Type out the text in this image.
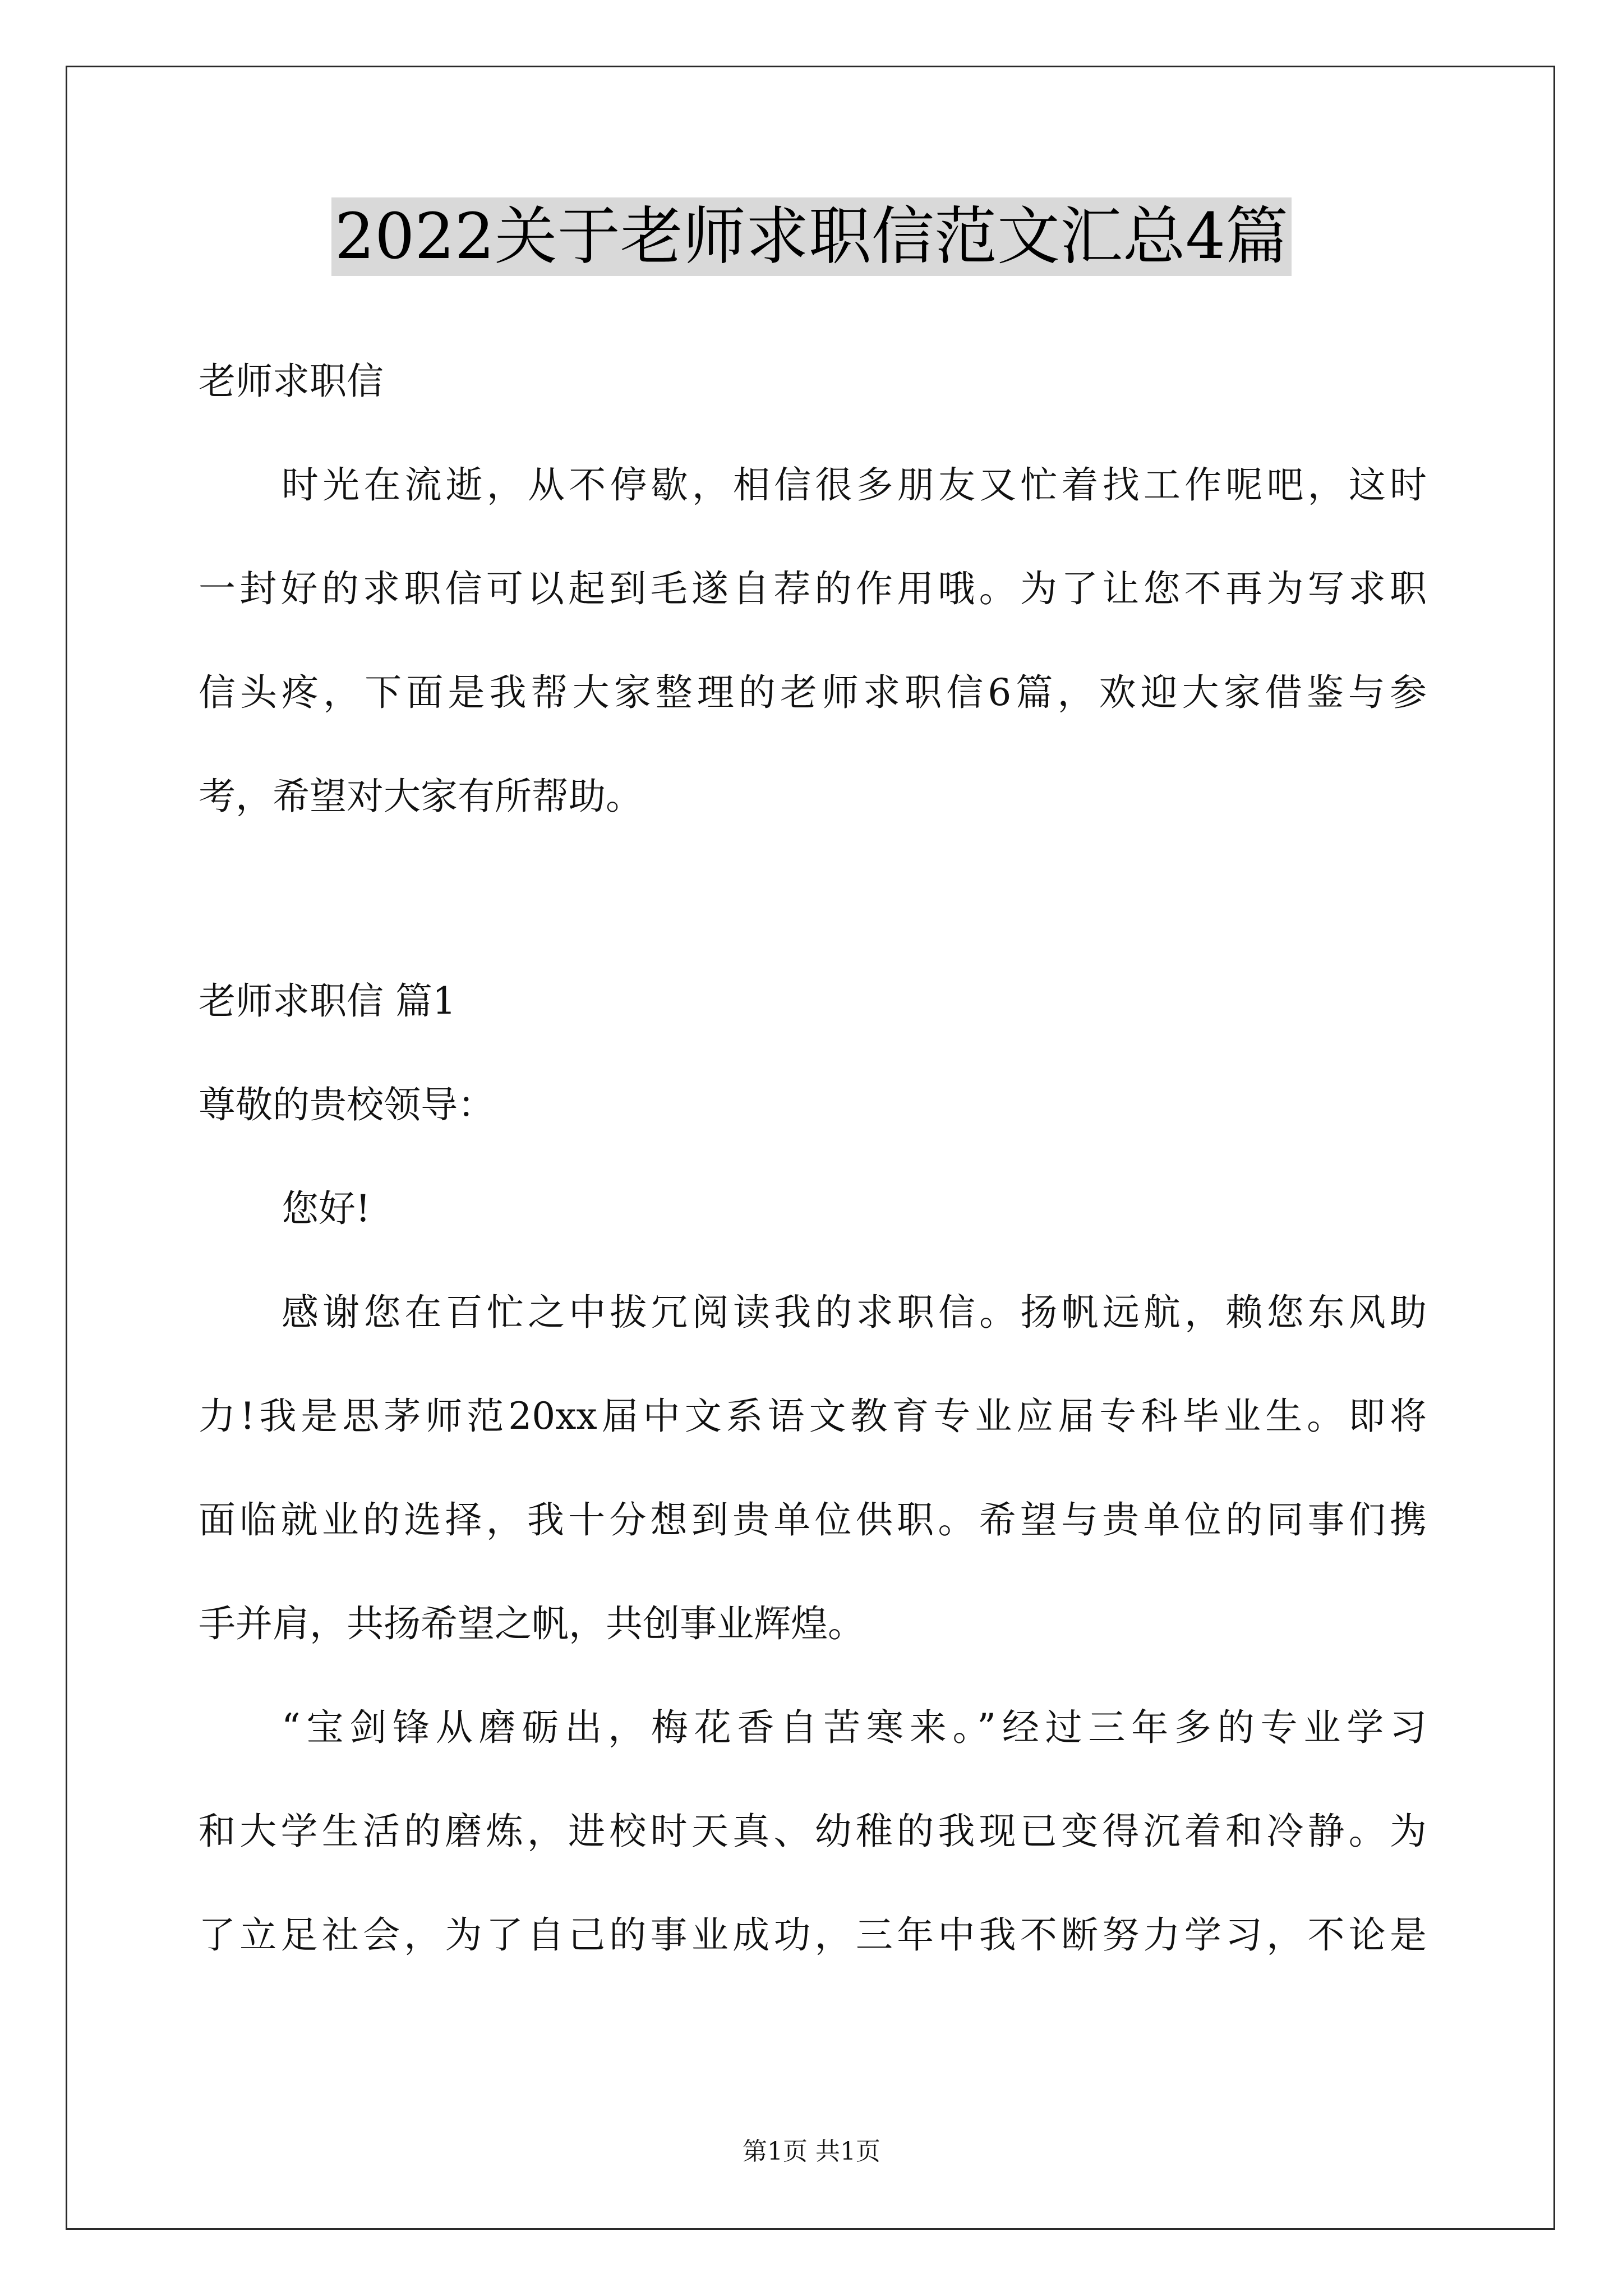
2022关于老师求职信范文汇总4篇
老师求职信
时光在流逝，从不停歇，相信很多朋友又忙着找工作呢吧，这时
一封好的求职信可以起到毛遂自荐的作用哦。为了让您不再为写求职
信头疼，下面是我帮大家整理的老师求职信6篇，欢迎大家借鉴与参
考，希望对大家有所帮助。
老师求职信 篇1
尊敬的贵校领导：
您好!
感谢您在百忙之中拔冗阅读我的求职信。扬帆远航，赖您东风助
力!我是思茅师范20xx届中文系语文教育专业应届专科毕业生。即将
面临就业的选择，我十分想到贵单位供职。希望与贵单位的同事们携
手并肩，共扬希望之帆，共创事业辉煌。
“宝剑锋从磨砺出，梅花香自苦寒来。”经过三年多的专业学习
和大学生活的磨炼，进校时天真、幼稚的我现已变得沉着和冷静。为
了立足社会，为了自己的事业成功，三年中我不断努力学习，不论是
第1页 共1页
